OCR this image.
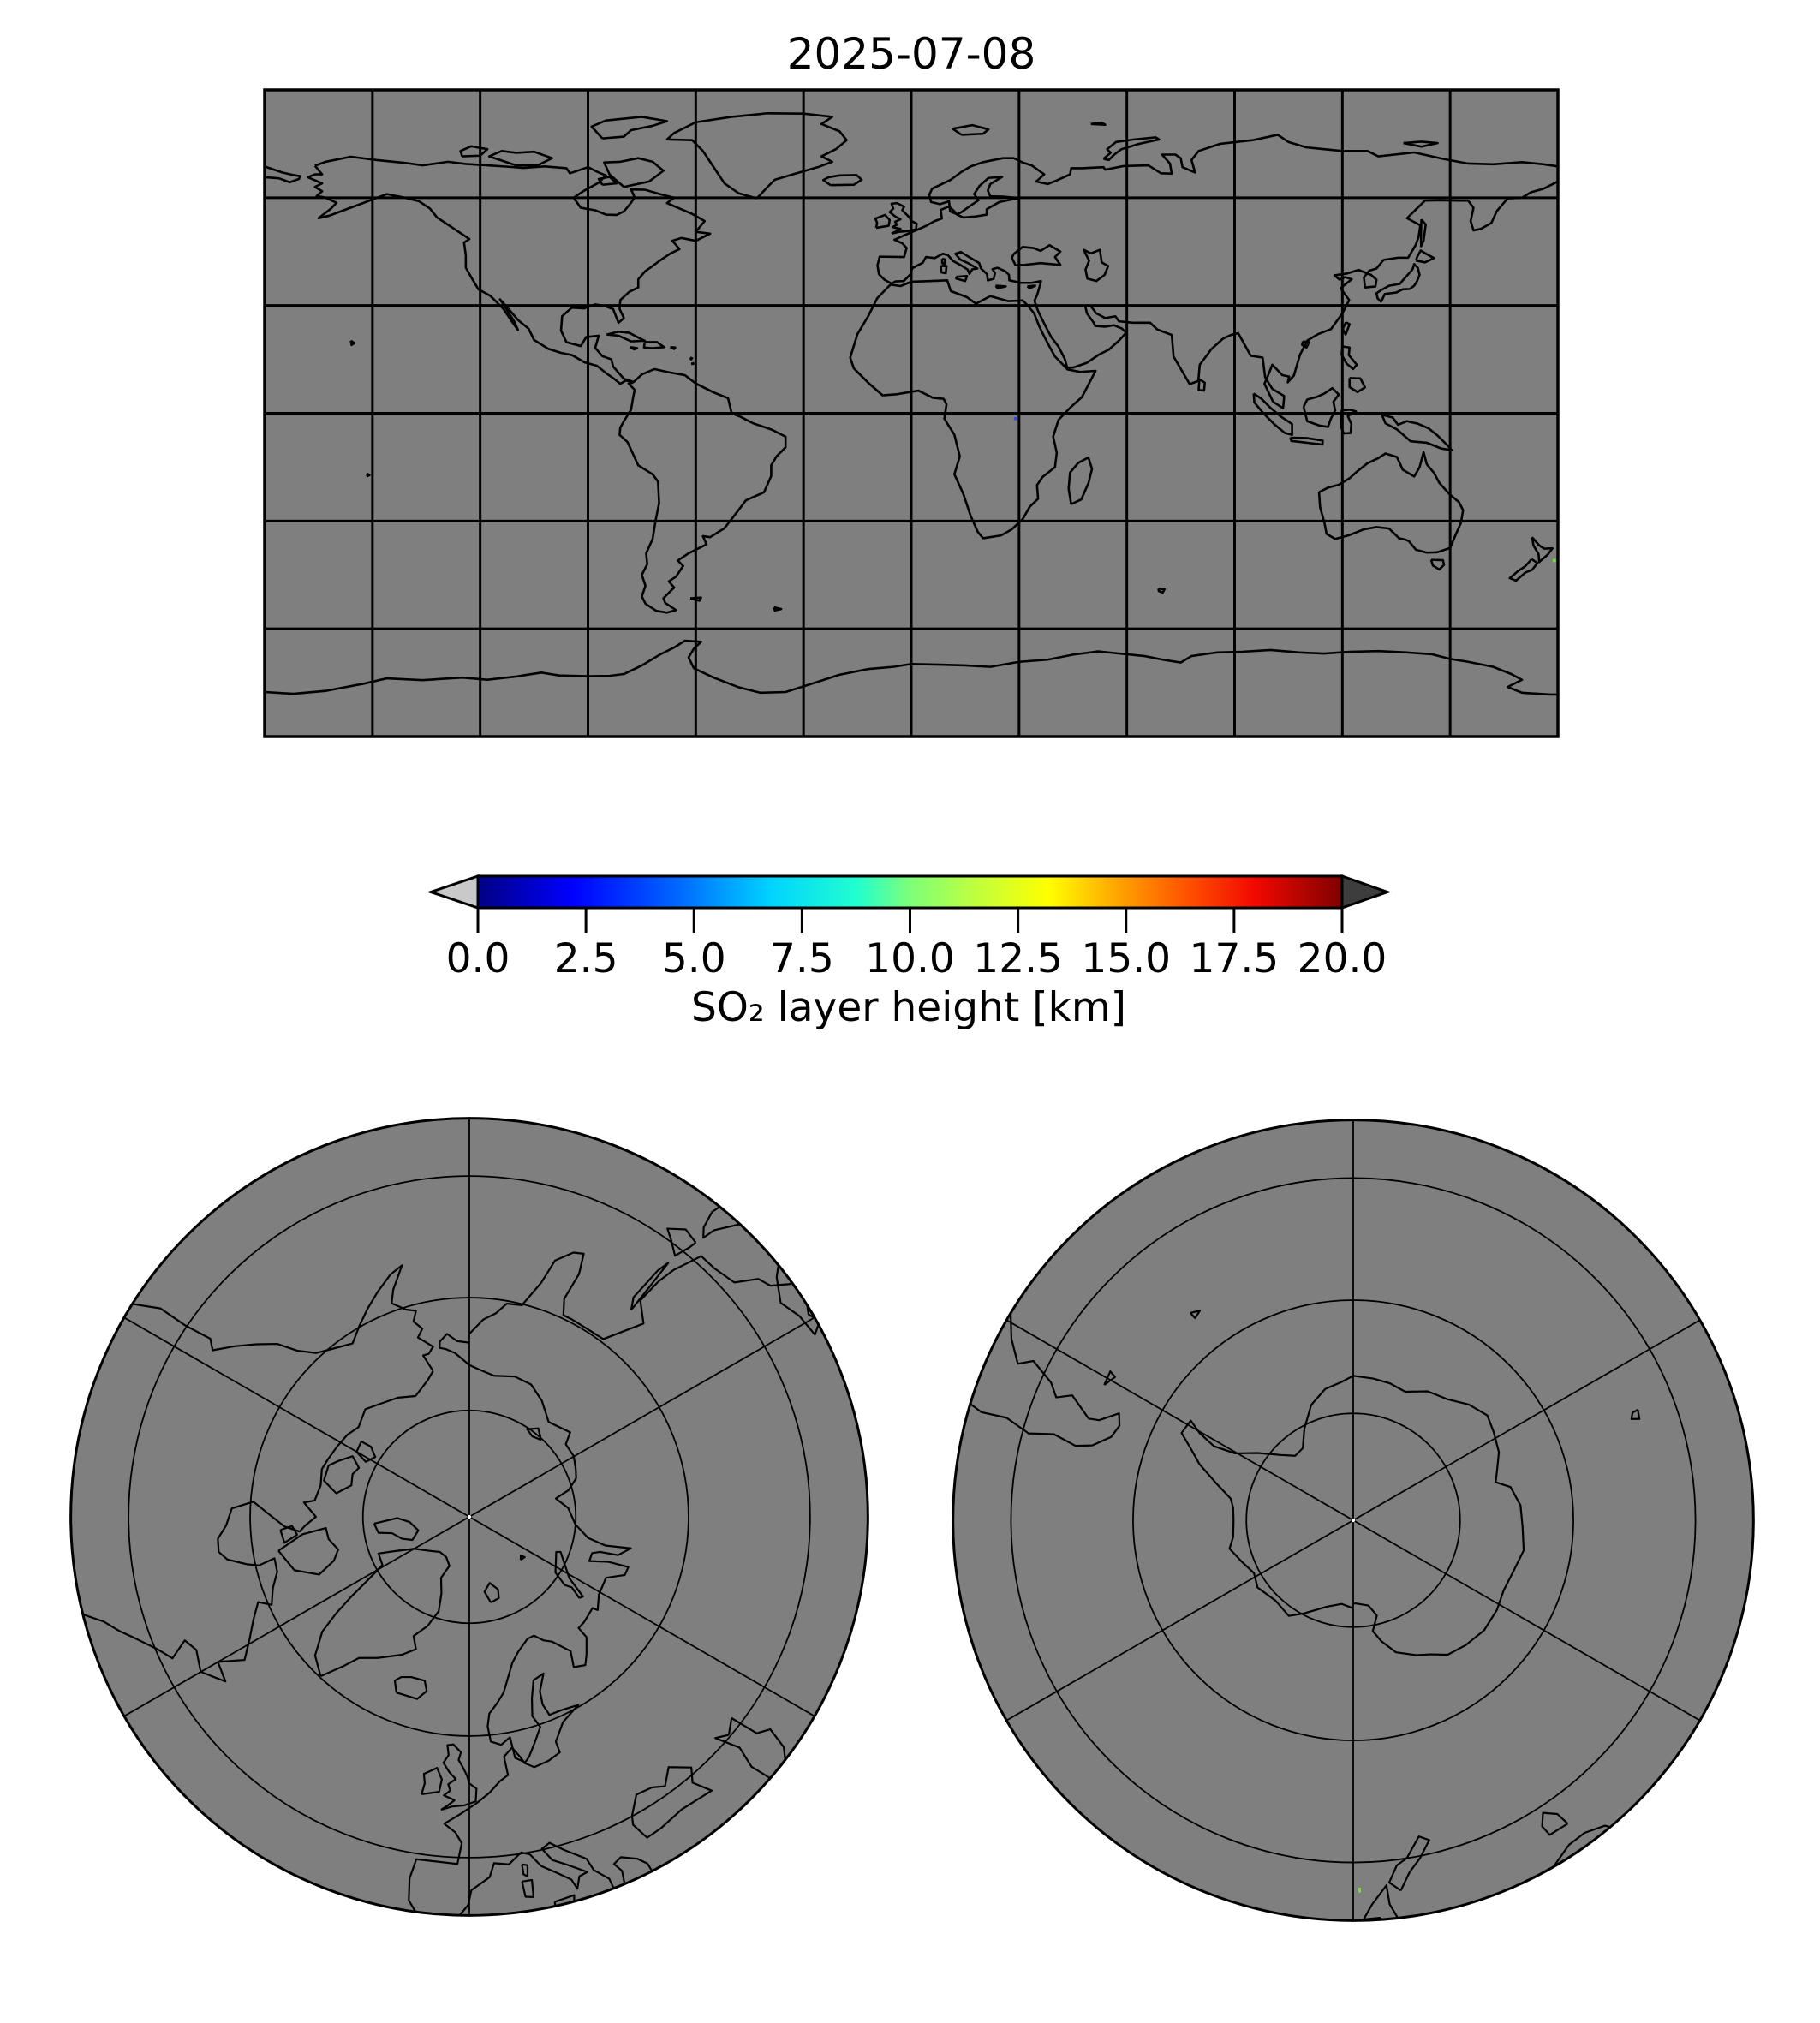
2025-07-08
0.0	2.5	5.0	7.5 10.0 12.5 15.0 17.5 20.0
SO₂ layer height [km]
